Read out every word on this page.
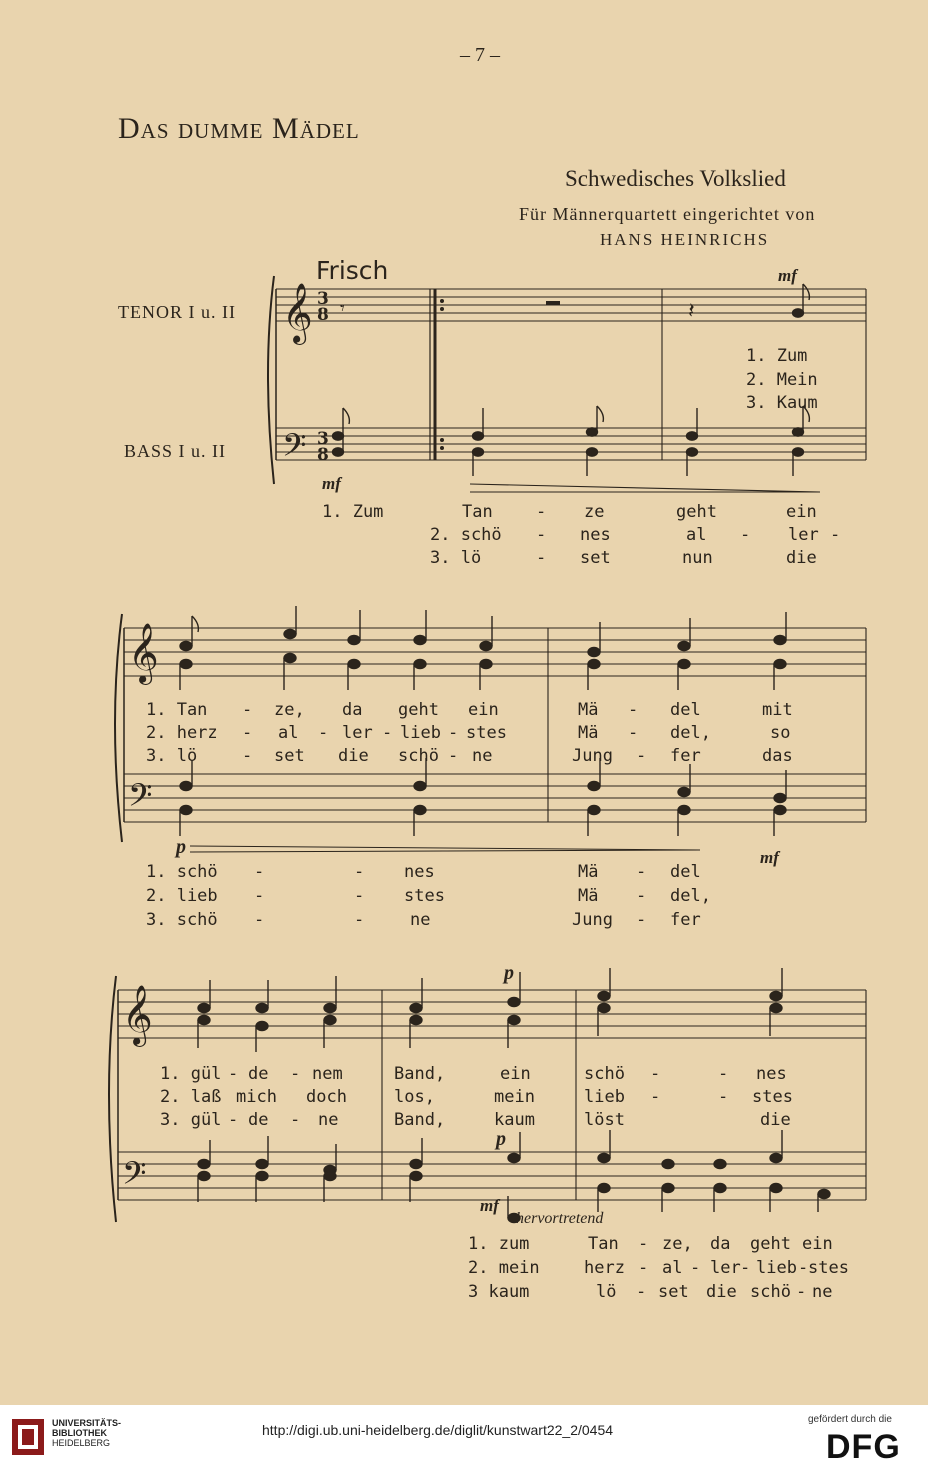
– 7 –
Das dumme Mädel
Schwedisches Volkslied
Für Männerquartett eingerichtet von
HANS HEINRICHS
Frisch
TENOR I u. II
BASS I u. II
𝄞
𝄢
𝄞
𝄢
𝄞
𝄢
3
8
3
8
𝄾	𝄽
mf
mf
p	mf
p
p
mf
hervortretend
1. Zum
2. Mein
3. Kaum
1. Zum	Tan	- ze	geht	ein
2. schö - nes	al - ler -
3. lö	- set	nun	die
1. Tan - ze, da geht ein	Mä - del	mit
2. herz - al - ler - lieb - stes	Mä - del,	so
3. lö	- set die schö - ne	Jung - fer	das
1. schö -	- nes	Mä - del
2. lieb -	- stes	Mä - del,
3. schö -	-	ne	Jung - fer
1. gül - de - nem	Band,	ein	schö -	- nes
2. laß mich doch	los,	mein	lieb -	- stes
3. gül - de - ne	Band,	kaum	löst	die
1. zum	Tan - ze, da geht ein
2. mein	herz - al - ler - lieb - stes
3 kaum	lö - set die schö - ne
UNIVERSITÄTS-
BIBLIOTHEK
HEIDELBERG
http://digi.ub.uni-heidelberg.de/diglit/kunstwart22_2/0454
gefördert durch die
DFG
